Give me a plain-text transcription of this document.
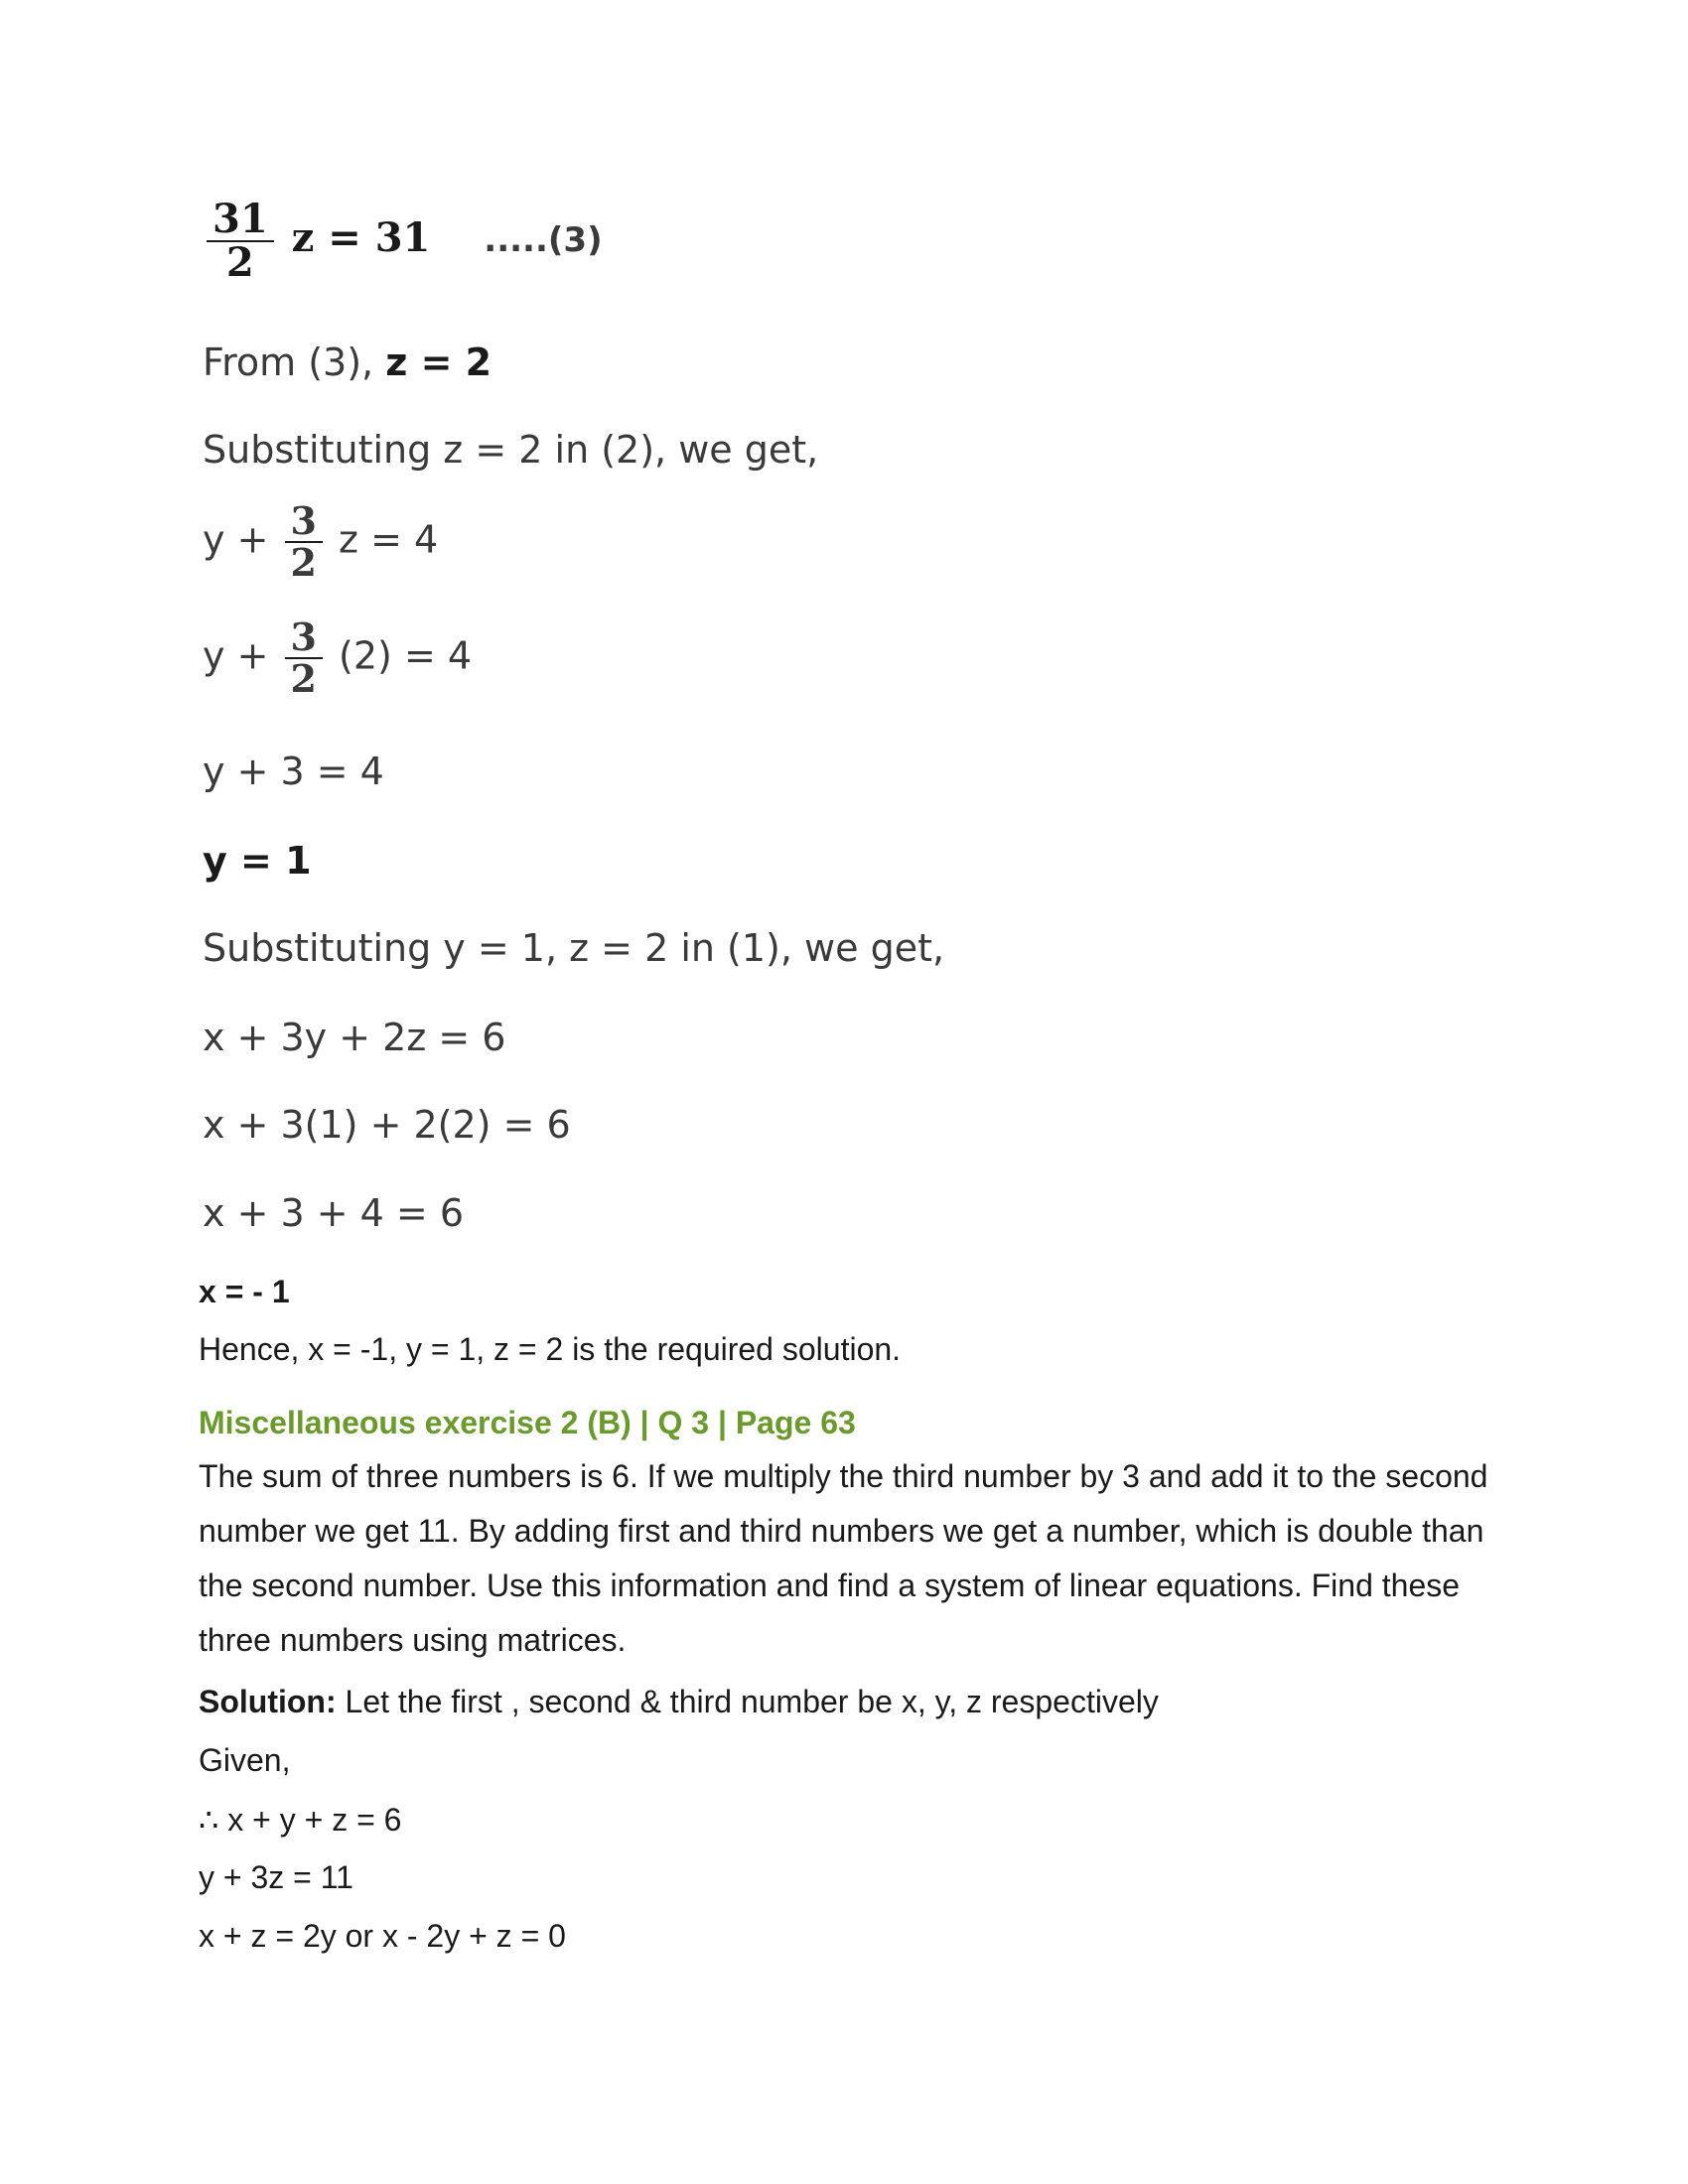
$\frac{31}{2}$ z = 31 .....(3)
From (3), z = 2
Substituting z = 2 in (2), we get,
$y + \frac{3}{2}$ z = 4
$y + \frac{3}{2} (2) = 4$
y + 3 = 4
y = 1
Substituting y = 1, z = 2 in (1), we get,
x + 3y + 2z = 6
x + 3(1) + 2(2) = 6
x + 3 + 4 = 6
x = - 1
Hence, x = -1, y = 1, z = 2 is the required solution.
Miscellaneous exercise 2 (B) | Q 3 | Page 63
The sum of three numbers is 6. If we multiply the third number by 3 and add it to the second number we get 11. By adding first and third numbers we get a number, which is double than the second number. Use this information and find a system of linear equations. Find these three numbers using matrices.
Solution: Let the first , second & third number be x, y, z respectively
Given,
∴ x + y + z = 6
y + 3z = 11
x + z = 2y or x - 2y + z = 0
